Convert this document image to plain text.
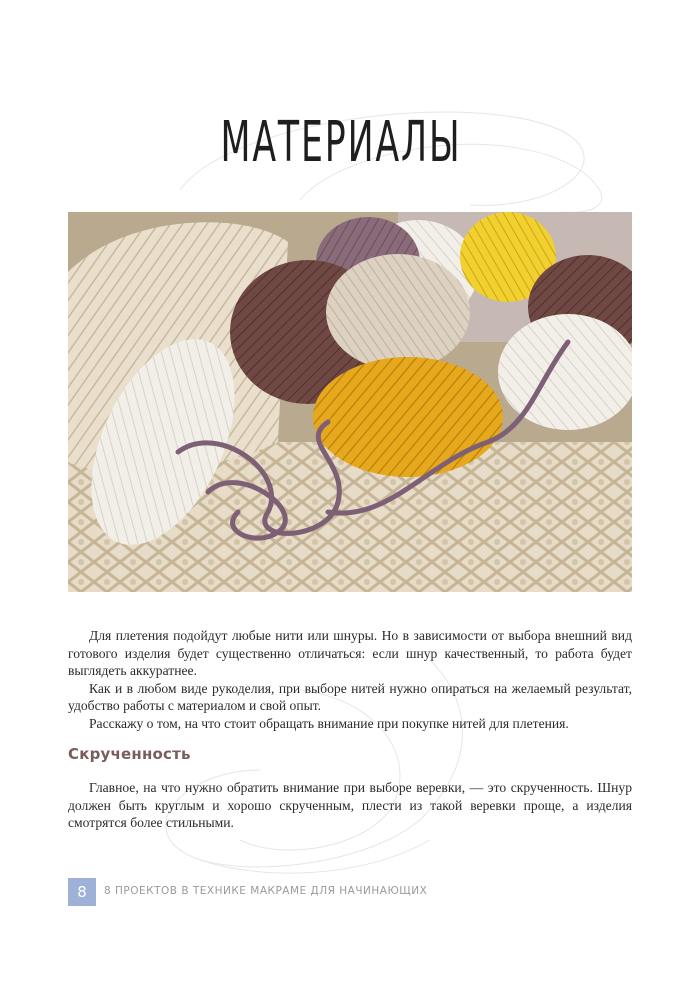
МАТЕРИАЛЫ

Для плетения подойдут любые нити или шнуры. Но в зависимости от выбора внешний вид готового изделия будет существенно отличаться: если шнур качественный, то работа будет выглядеть аккуратнее.

Как и в любом виде рукоделия, при выборе нитей нужно опираться на желаемый результат, удобство работы с материалом и свой опыт.

Расскажу о том, на что стоит обращать внимание при покупке нитей для плетения.

Скрученность

Главное, на что нужно обратить внимание при выборе веревки, — это скрученность. Шнур должен быть круглым и хорошо скрученным, плести из такой веревки проще, а изделия смотрятся более стильными.

8	8 ПРОЕКТОВ В ТЕХНИКЕ МАКРАМЕ ДЛЯ НАЧИНАЮЩИХ
